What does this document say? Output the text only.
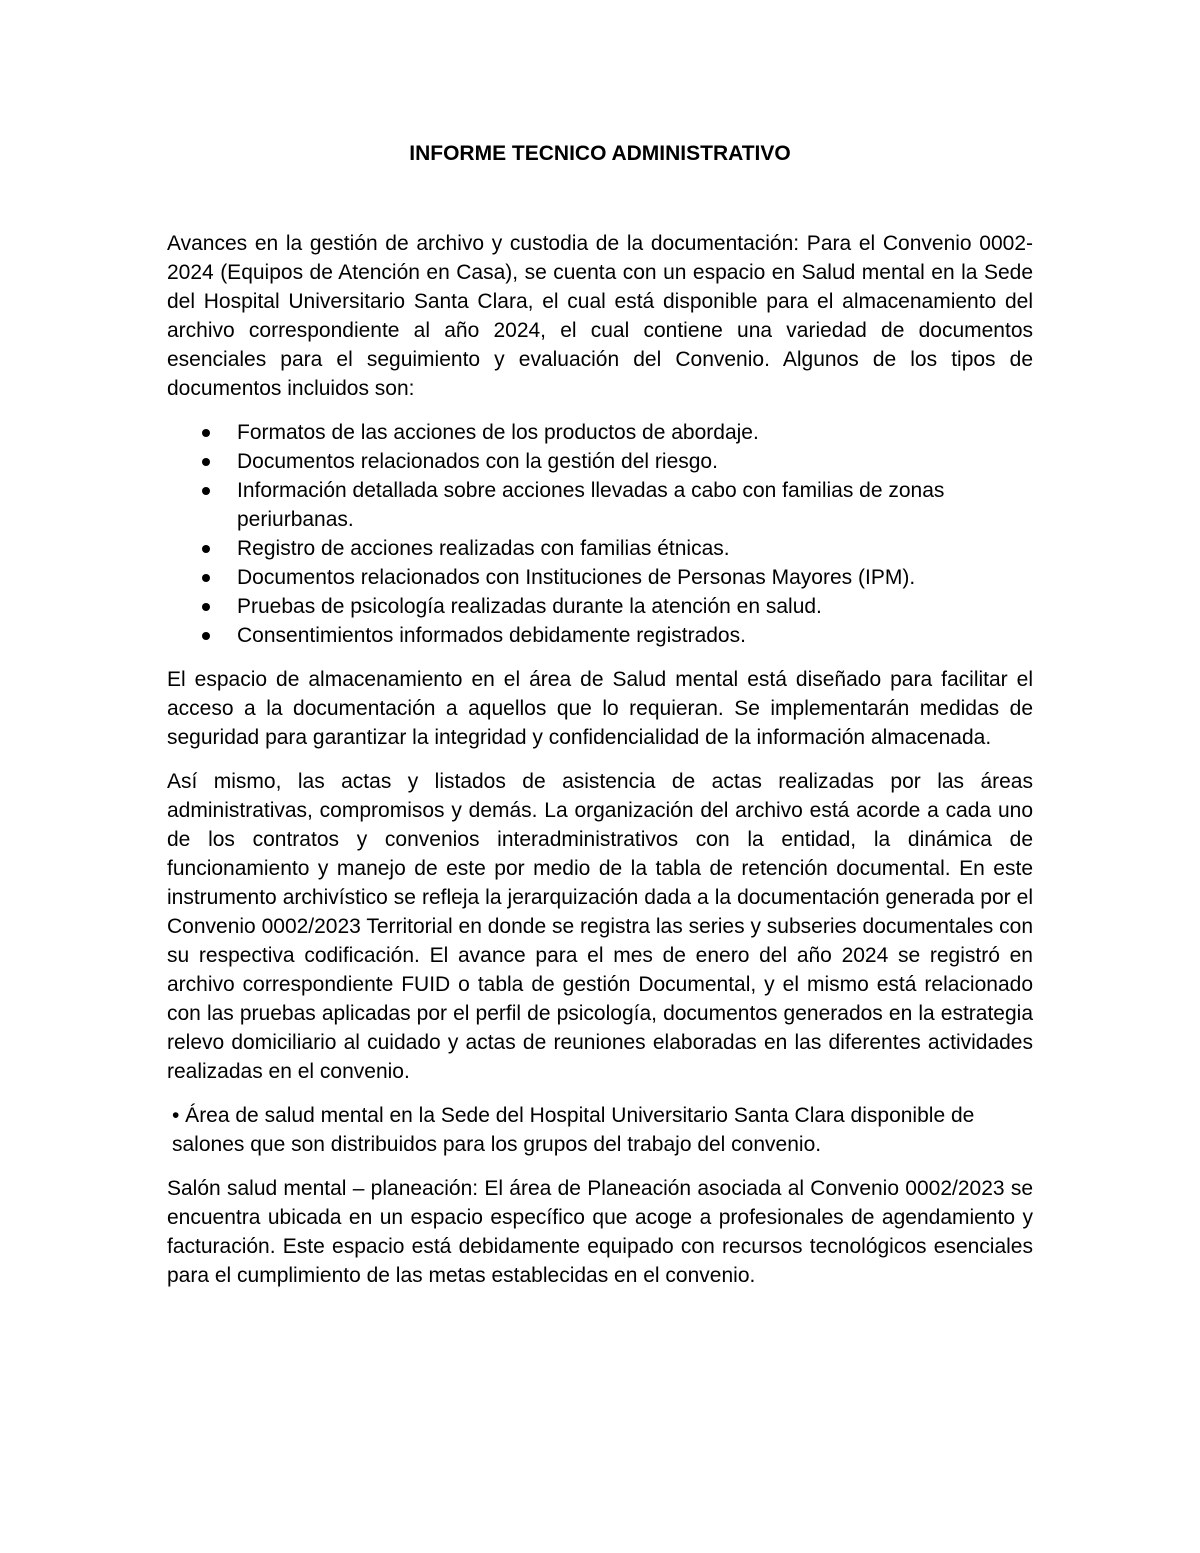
INFORME TECNICO ADMINISTRATIVO

Avances en la gestión de archivo y custodia de la documentación: Para el Convenio 0002-2024 (Equipos de Atención en Casa), se cuenta con un espacio en Salud mental en la Sede del Hospital Universitario Santa Clara, el cual está disponible para el almacenamiento del archivo correspondiente al año 2024, el cual contiene una variedad de documentos esenciales para el seguimiento y evaluación del Convenio. Algunos de los tipos de documentos incluidos son:

Formatos de las acciones de los productos de abordaje.
Documentos relacionados con la gestión del riesgo.
Información detallada sobre acciones llevadas a cabo con familias de zonas periurbanas.
Registro de acciones realizadas con familias étnicas.
Documentos relacionados con Instituciones de Personas Mayores (IPM).
Pruebas de psicología realizadas durante la atención en salud.
Consentimientos informados debidamente registrados.

El espacio de almacenamiento en el área de Salud mental está diseñado para facilitar el acceso a la documentación a aquellos que lo requieran. Se implementarán medidas de seguridad para garantizar la integridad y confidencialidad de la información almacenada.

Así mismo, las actas y listados de asistencia de actas realizadas por las áreas administrativas, compromisos y demás. La organización del archivo está acorde a cada uno de los contratos y convenios interadministrativos con la entidad, la dinámica de funcionamiento y manejo de este por medio de la tabla de retención documental. En este instrumento archivístico se refleja la jerarquización dada a la documentación generada por el Convenio 0002/2023 Territorial en donde se registra las series y subseries documentales con su respectiva codificación. El avance para el mes de enero del año 2024 se registró en archivo correspondiente FUID o tabla de gestión Documental, y el mismo está relacionado con las pruebas aplicadas por el perfil de psicología, documentos generados en la estrategia relevo domiciliario al cuidado y actas de reuniones elaboradas en las diferentes actividades realizadas en el convenio.

• Área de salud mental en la Sede del Hospital Universitario Santa Clara disponible de salones que son distribuidos para los grupos del trabajo del convenio.

Salón salud mental – planeación: El área de Planeación asociada al Convenio 0002/2023 se encuentra ubicada en un espacio específico que acoge a profesionales de agendamiento y facturación. Este espacio está debidamente equipado con recursos tecnológicos esenciales para el cumplimiento de las metas establecidas en el convenio.
